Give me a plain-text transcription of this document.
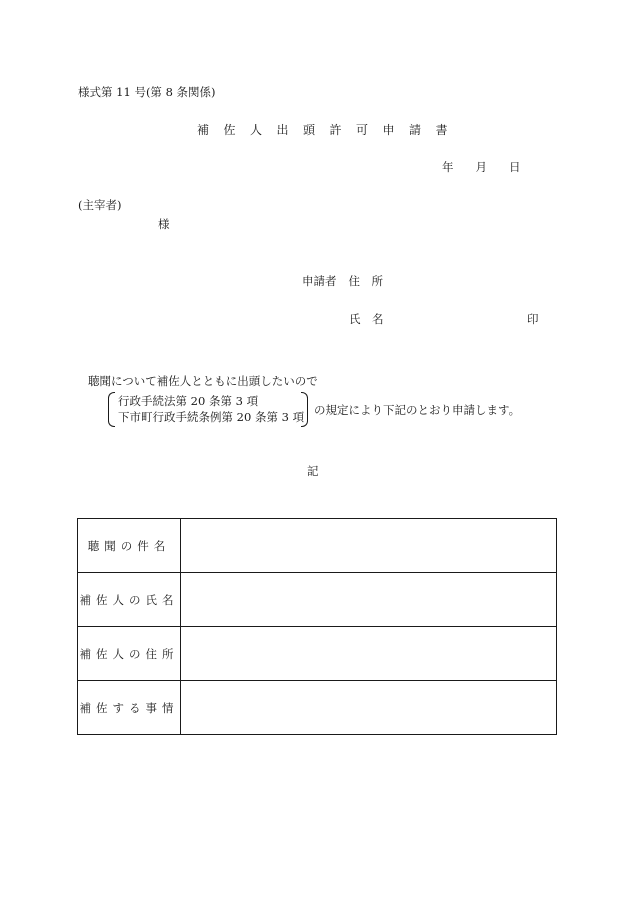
様式第 11 号(第 8 条関係)
補佐人出頭許可申請書
年 月 日
(主宰者)
様
申請者 住　所
氏　名	印
聴聞について補佐人とともに出頭したいので
行政手続法第 20 条第 3 項
下市町行政手続条例第 20 条第 3 項 の規定により下記のとおり申請します。
記
聴聞の件名	
補佐人の氏名	
補佐人の住所	
補佐する事情	
